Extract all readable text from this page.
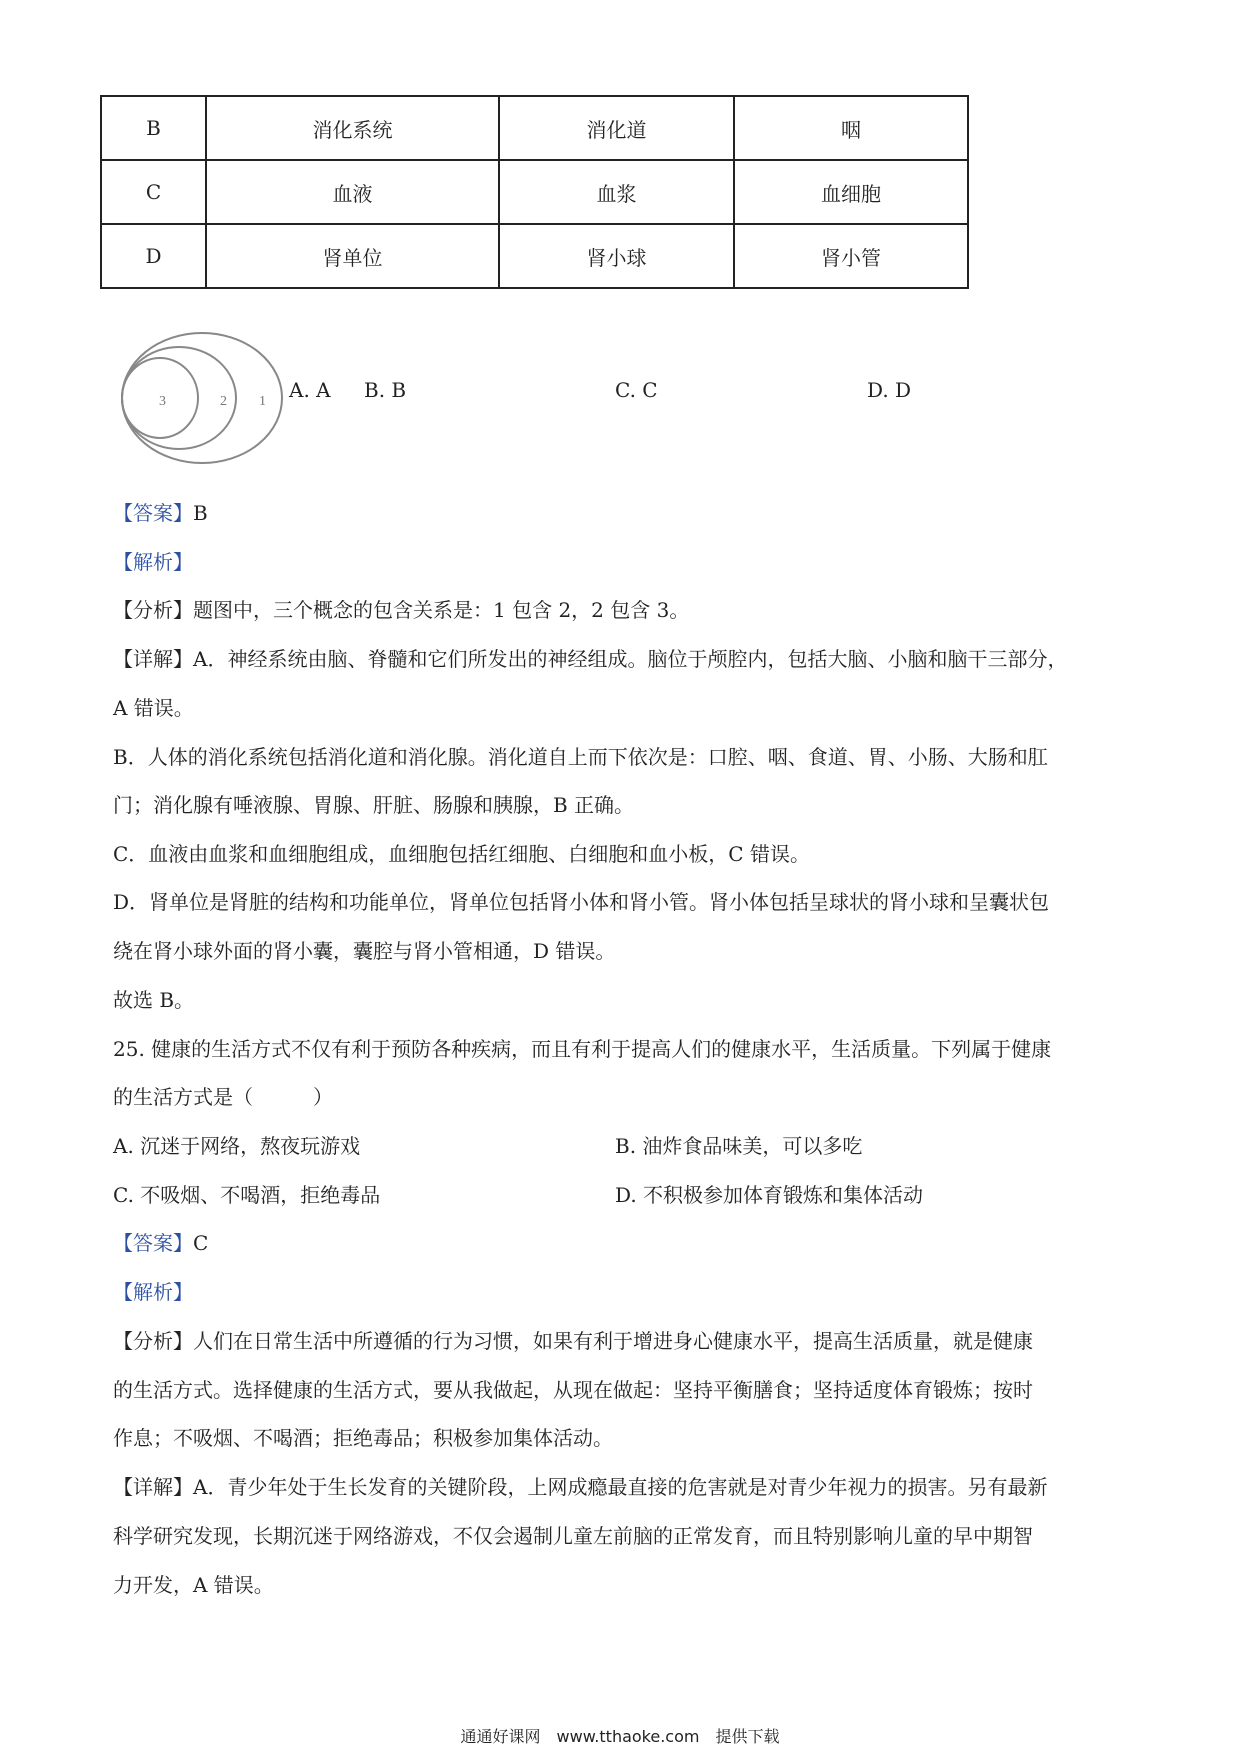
B	消化系统	消化道	咽
C	血液	血浆	血细胞
D	肾单位	肾小球	肾小管
3	2 1 A. A B. B	C. C	D. D
【答案】B
【解析】
【分析】题图中，三个概念的包含关系是：1 包含 2，2 包含 3。
【详解】A．神经系统由脑、脊髓和它们所发出的神经组成。脑位于颅腔内，包括大脑、小脑和脑干三部分，
A 错误。
B．人体的消化系统包括消化道和消化腺。消化道自上而下依次是：口腔、咽、食道、胃、小肠、大肠和肛
门；消化腺有唾液腺、胃腺、肝脏、肠腺和胰腺，B 正确。
C．血液由血浆和血细胞组成，血细胞包括红细胞、白细胞和血小板，C 错误。
D．肾单位是肾脏的结构和功能单位，肾单位包括肾小体和肾小管。肾小体包括呈球状的肾小球和呈囊状包
绕在肾小球外面的肾小囊，囊腔与肾小管相通，D 错误。
故选 B。
25. 健康的生活方式不仅有利于预防各种疾病，而且有利于提高人们的健康水平，生活质量。下列属于健康
的生活方式是（　　　）
A. 沉迷于网络，熬夜玩游戏	B. 油炸食品味美，可以多吃
C. 不吸烟、不喝酒，拒绝毒品	D. 不积极参加体育锻炼和集体活动
【答案】C
【解析】
【分析】人们在日常生活中所遵循的行为习惯，如果有利于增进身心健康水平，提高生活质量，就是健康
的生活方式。选择健康的生活方式，要从我做起，从现在做起：坚持平衡膳食；坚持适度体育锻炼；按时
作息；不吸烟、不喝酒；拒绝毒品；积极参加集体活动。
【详解】A．青少年处于生长发育的关键阶段，上网成瘾最直接的危害就是对青少年视力的损害。另有最新
科学研究发现，长期沉迷于网络游戏，不仅会遏制儿童左前脑的正常发育，而且特别影响儿童的早中期智
力开发，A 错误。
通通好课网　www.tthaoke.com　提供下载
